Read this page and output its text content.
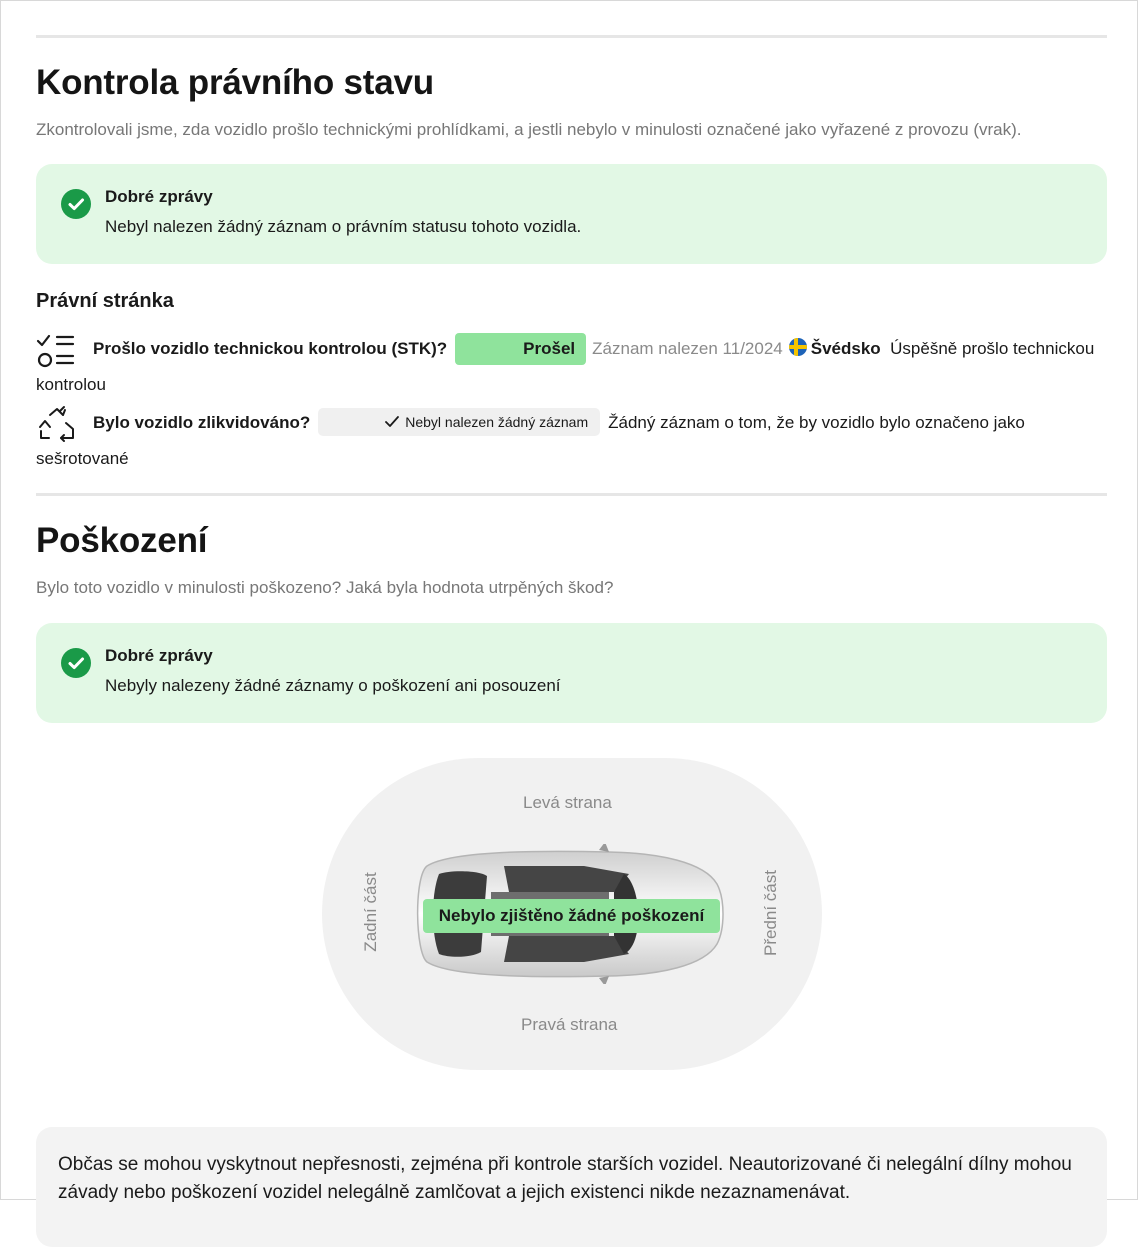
Kontrola právního stavu
Zkontrolovali jsme, zda vozidlo prošlo technickými prohlídkami, a jestli nebylo v minulosti označené jako vyřazené z provozu (vrak).
Dobré zprávy
Nebyl nalezen žádný záznam o právním statusu tohoto vozidla.
Právní stránka

Prošlo vozidlo technickou kontrolou (STK)?	Prošel Záznam nalezen 11/2024 Švédsko Úspěšně prošlo technickou kontrolou

Bylo vozidlo zlikvidováno?	Nebyl nalezen žádný záznam Žádný záznam o tom, že by vozidlo bylo označeno jako sešrotované

Poškození
Bylo toto vozidlo v minulosti poškozeno? Jaká byla hodnota utrpěných škod?
Dobré zprávy
Nebyly nalezeny žádné záznamy o poškození ani posouzení
Levá strana
Pravá strana
Zadní část	Přední část
Nebylo zjištěno žádné poškození

Občas se mohou vyskytnout nepřesnosti, zejména při kontrole starších vozidel. Neautorizované či nelegální dílny mohou závady nebo poškození vozidel nelegálně zamlčovat a jejich existenci nikde nezaznamenávat.
